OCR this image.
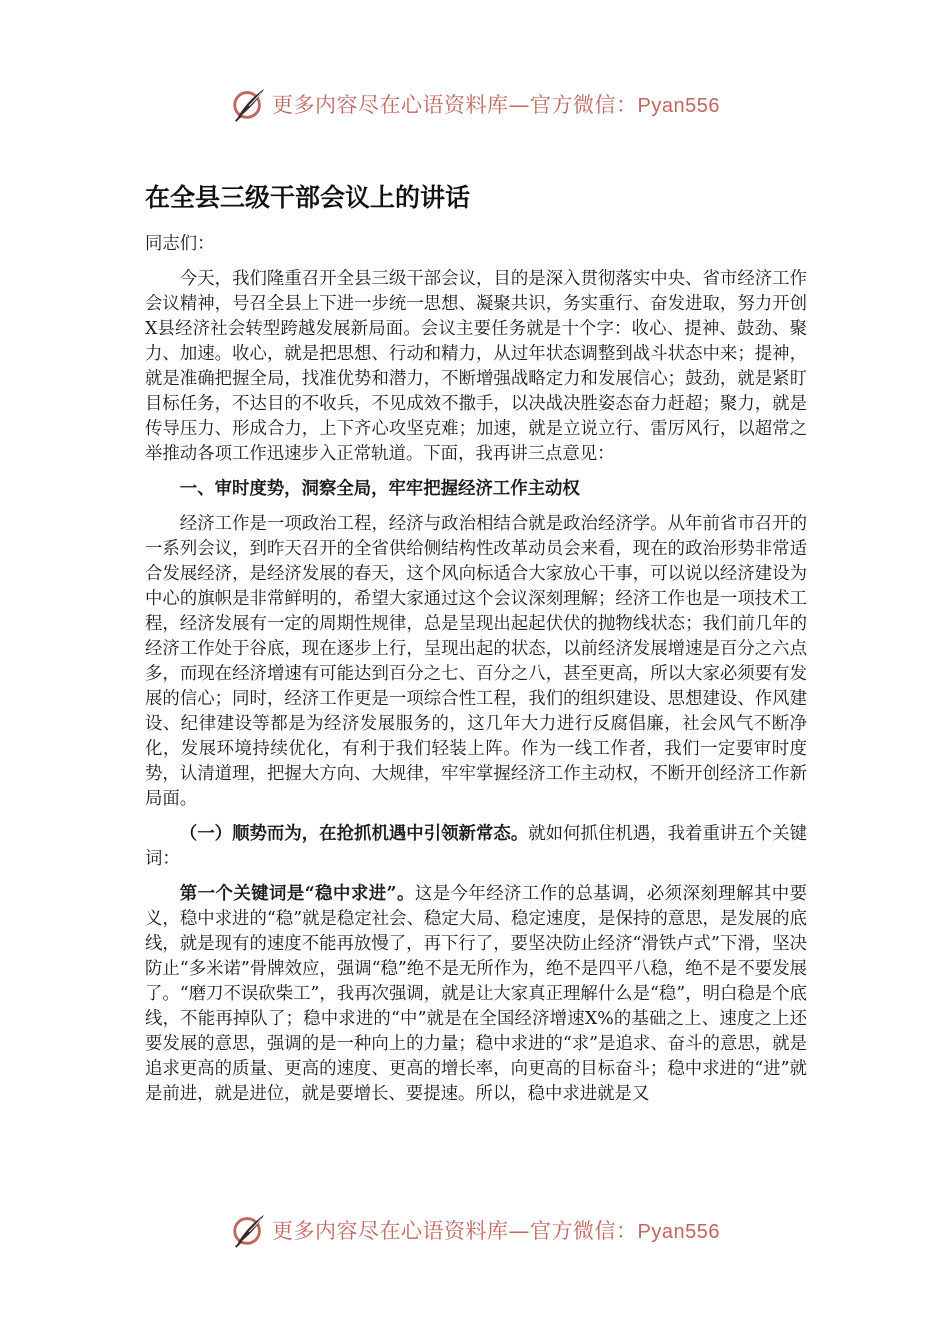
更多内容尽在心语资料库—官方微信：Pyan556
在全县三级干部会议上的讲话

同志们：

今天，我们隆重召开全县三级干部会议，目的是深入贯彻落实中央、省市经济工作会议精神，号召全县上下进一步统一思想、凝聚共识，务实重行、奋发进取，努力开创X县经济社会转型跨越发展新局面。会议主要任务就是十个字：收心、提神、鼓劲、聚力、加速。收心，就是把思想、行动和精力，从过年状态调整到战斗状态中来；提神，就是准确把握全局，找准优势和潜力，不断增强战略定力和发展信心；鼓劲，就是紧盯目标任务，不达目的不收兵，不见成效不撒手，以决战决胜姿态奋力赶超；聚力，就是传导压力、形成合力，上下齐心攻坚克难；加速，就是立说立行、雷厉风行，以超常之举推动各项工作迅速步入正常轨道。下面，我再讲三点意见：

一、审时度势，洞察全局，牢牢把握经济工作主动权

经济工作是一项政治工程，经济与政治相结合就是政治经济学。从年前省市召开的一系列会议，到昨天召开的全省供给侧结构性改革动员会来看，现在的政治形势非常适合发展经济，是经济发展的春天，这个风向标适合大家放心干事，可以说以经济建设为中心的旗帜是非常鲜明的，希望大家通过这个会议深刻理解；经济工作也是一项技术工程，经济发展有一定的周期性规律，总是呈现出起起伏伏的抛物线状态；我们前几年的经济工作处于谷底，现在逐步上行，呈现出起的状态，以前经济发展增速是百分之六点多，而现在经济增速有可能达到百分之七、百分之八，甚至更高，所以大家必须要有发展的信心；同时，经济工作更是一项综合性工程，我们的组织建设、思想建设、作风建设、纪律建设等都是为经济发展服务的，这几年大力进行反腐倡廉，社会风气不断净化，发展环境持续优化，有利于我们轻装上阵。作为一线工作者，我们一定要审时度势，认清道理，把握大方向、大规律，牢牢掌握经济工作主动权，不断开创经济工作新局面。

（一）顺势而为，在抢抓机遇中引领新常态。就如何抓住机遇，我着重讲五个关键词：

第一个关键词是“稳中求进”。这是今年经济工作的总基调，必须深刻理解其中要义，稳中求进的“稳”就是稳定社会、稳定大局、稳定速度，是保持的意思，是发展的底线，就是现有的速度不能再放慢了，再下行了，要坚决防止经济“滑铁卢式”下滑，坚决防止“多米诺”骨牌效应，强调“稳”绝不是无所作为，绝不是四平八稳，绝不是不要发展了。“磨刀不误砍柴工”，我再次强调，就是让大家真正理解什么是“稳”，明白稳是个底线，不能再掉队了；稳中求进的“中”就是在全国经济增速X%的基础之上、速度之上还要发展的意思，强调的是一种向上的力量；稳中求进的“求”是追求、奋斗的意思，就是追求更高的质量、更高的速度、更高的增长率，向更高的目标奋斗；稳中求进的“进”就是前进，就是进位，就是要增长、要提速。所以，稳中求进就是又

更多内容尽在心语资料库—官方微信：Pyan556
